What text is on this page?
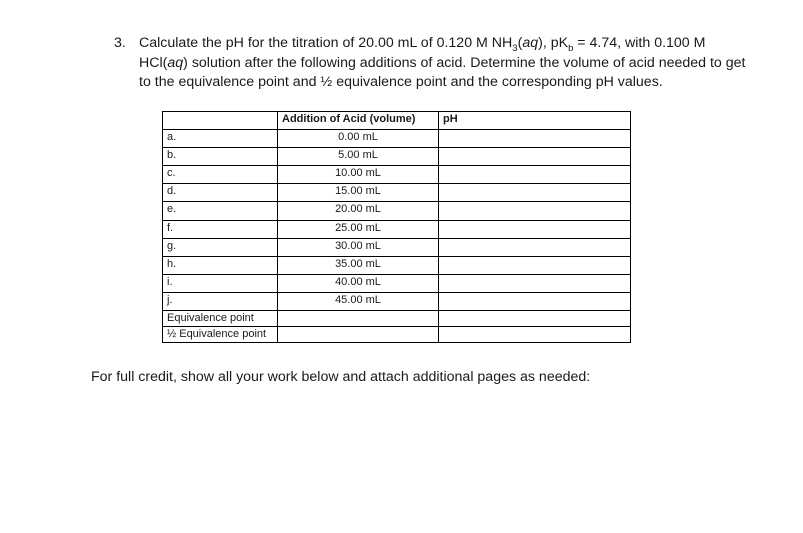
3. Calculate the pH for the titration of 20.00 mL of 0.120 M $NH_3(aq)$, $pK_b = 4.74$, with 0.100 M HCl(aq) solution after the following additions of acid. Determine the volume of acid needed to get to the equivalence point and ½ equivalence point and the corresponding pH values.
	Addition of Acid (volume)	pH
a.	0.00 mL	
b.	5.00 mL	
c.	10.00 mL	
d.	15.00 mL	
e.	20.00 mL	
f.	25.00 mL	
g.	30.00 mL	
h.	35.00 mL	
i.	40.00 mL	
j.	45.00 mL	
Equivalence point		
½ Equivalence point		
For full credit, show all your work below and attach additional pages as needed:
